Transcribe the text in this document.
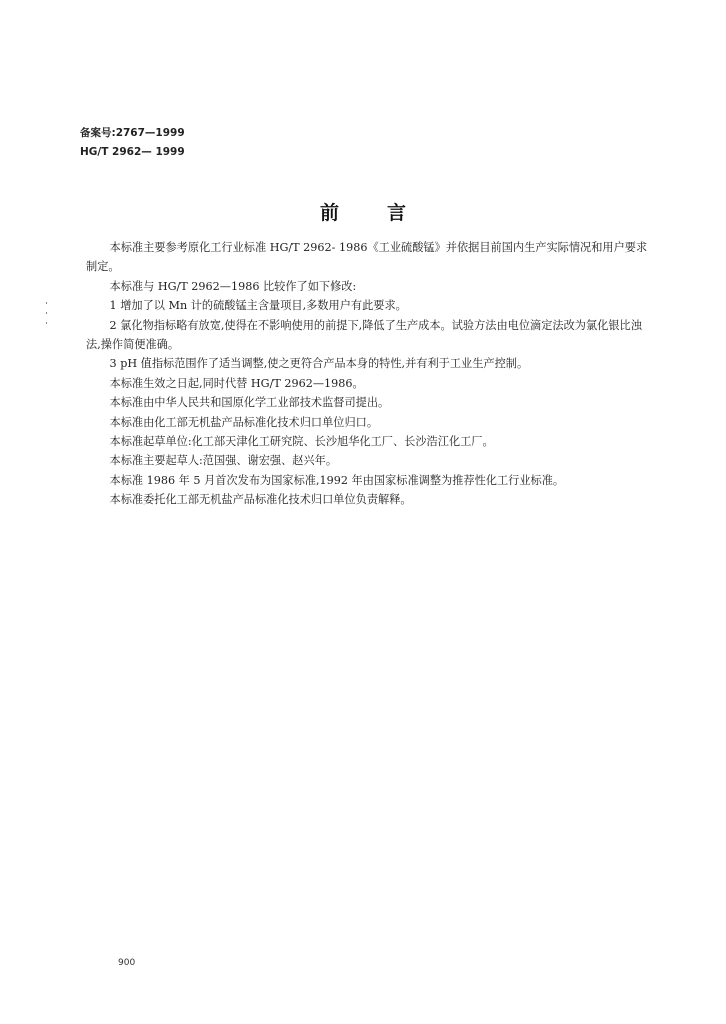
备案号:2767—1999
HG/T 2962— 1999
前言

本标准主要参考原化工行业标准 HG/T 2962- 1986《工业硫酸锰》并依据目前国内生产实际情况和用户要求制定。

本标准与 HG/T 2962—1986 比较作了如下修改:

1 增加了以 Mn 计的硫酸锰主含量项目,多数用户有此要求。

2 氯化物指标略有放宽,使得在不影响使用的前提下,降低了生产成本。试验方法由电位滴定法改为氯化银比浊法,操作简便准确。

3 pH 值指标范围作了适当调整,使之更符合产品本身的特性,并有利于工业生产控制。

本标准生效之日起,同时代替 HG/T 2962—1986。

本标准由中华人民共和国原化学工业部技术监督司提出。

本标准由化工部无机盐产品标准化技术归口单位归口。

本标准起草单位:化工部天津化工研究院、长沙旭华化工厂、长沙浩江化工厂。

本标准主要起草人:范国强、谢宏强、赵兴年。

本标准 1986 年 5 月首次发布为国家标准,1992 年由国家标准调整为推荐性化工行业标准。

本标准委托化工部无机盐产品标准化技术归口单位负责解释。

900
